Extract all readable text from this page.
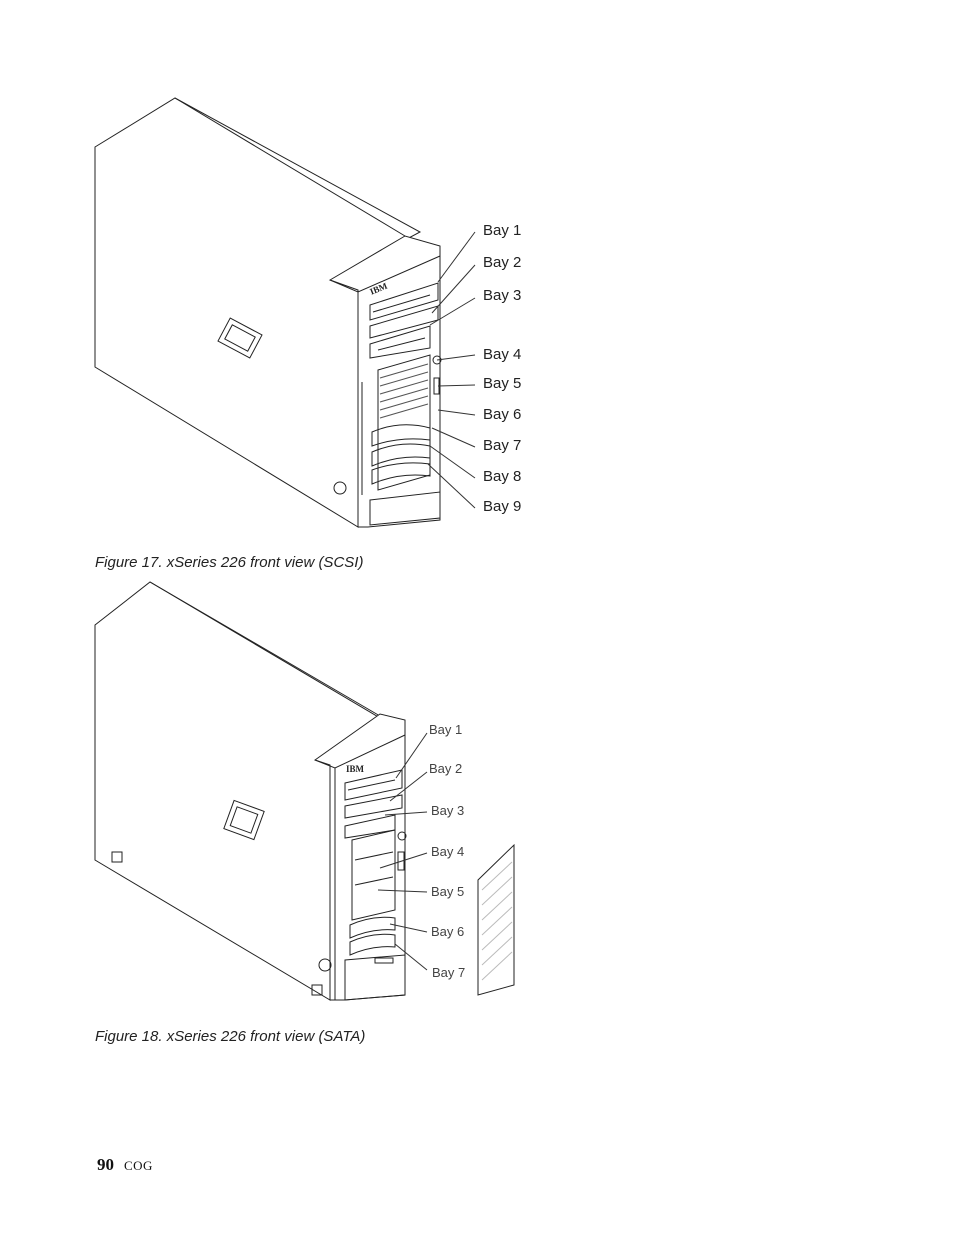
IBM
Bay 1
Bay 2
Bay 3
Bay 4
Bay 5
Bay 6
Bay 7
Bay 8
Bay 9
Figure 17. xSeries 226 front view (SCSI)
IBM
Bay 1
Bay 2
Bay 3
Bay 4
Bay 5
Bay 6
Bay 7
Figure 18. xSeries 226 front view (SATA)
90 COG
